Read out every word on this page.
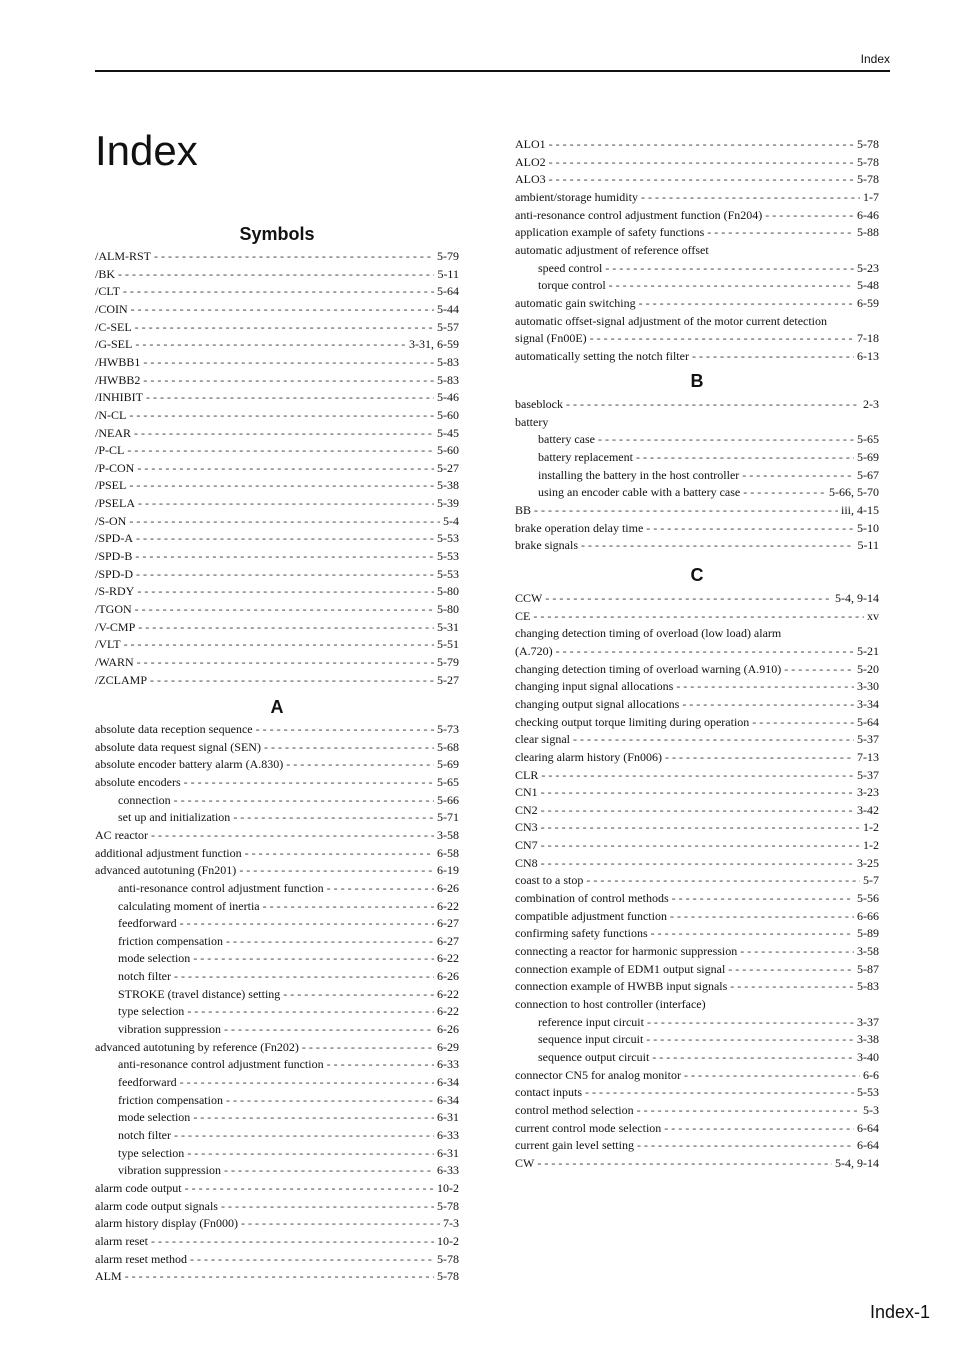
Index
Index
Symbols
/ALM-RST - - -	5-79
/BK - - -	5-11
/CLT - - -	5-64
/COIN - - -	5-44
/C-SEL - - -	5-57
/G-SEL - - -	3-31, 6-59
/HWBB1 - - -	5-83
/HWBB2 - - -	5-83
/INHIBIT - - -	5-46
/N-CL - - -	5-60
/NEAR - - -	5-45
/P-CL - - -	5-60
/P-CON - - -	5-27
/PSEL - - -	5-38
/PSELA - - -	5-39
/S-ON - - -	5-4
/SPD-A - - -	5-53
/SPD-B - - -	5-53
/SPD-D - - -	5-53
/S-RDY - - -	5-80
/TGON - - -	5-80
/V-CMP - - -	5-31
/VLT - - -	5-51
/WARN - - -	5-79
/ZCLAMP - - -	5-27
A
absolute data reception sequence - - -	5-73
absolute data request signal (SEN) - - -	5-68
absolute encoder battery alarm (A.830) - - -	5-69
absolute encoders - - -	5-65
connection - - -	5-66
set up and initialization - - -	5-71
AC reactor - - -	3-58
additional adjustment function - - -	6-58
advanced autotuning (Fn201) - - -	6-19
anti-resonance control adjustment function - - -	6-26
calculating moment of inertia - - -	6-22
feedforward - - -	6-27
friction compensation - - -	6-27
mode selection - - -	6-22
notch filter - - -	6-26
STROKE (travel distance) setting - - -	6-22
type selection - - -	6-22
vibration suppression - - -	6-26
advanced autotuning by reference (Fn202) - - -	6-29
anti-resonance control adjustment function - - -	6-33
feedforward - - -	6-34
friction compensation - - -	6-34
mode selection - - -	6-31
notch filter - - -	6-33
type selection - - -	6-31
vibration suppression - - -	6-33
alarm code output - - -	10-2
alarm code output signals - - -	5-78
alarm history display (Fn000) - - -	7-3
alarm reset - - -	10-2
alarm reset method - - -	5-78
ALM - - -	5-78
ALO1 - - -	5-78
ALO2 - - -	5-78
ALO3 - - -	5-78
ambient/storage humidity - - -	1-7
anti-resonance control adjustment function (Fn204) - - -	6-46
application example of safety functions - - -	5-88
automatic adjustment of reference offset
speed control - - -	5-23
torque control - - -	5-48
automatic gain switching - - -	6-59
automatic offset-signal adjustment of the motor current detection
signal (Fn00E) - - -	7-18
automatically setting the notch filter - - -	6-13
B
baseblock - - -	2-3
battery
battery case - - -	5-65
battery replacement - - -	5-69
installing the battery in the host controller - - -	5-67
using an encoder cable with a battery case - - -	5-66, 5-70
BB - - -	iii, 4-15
brake operation delay time - - -	5-10
brake signals - - -	5-11
C
CCW - - -	5-4, 9-14
CE - - -	xv
changing detection timing of overload (low load) alarm
(A.720) - - -	5-21
changing detection timing of overload warning (A.910) - - -	5-20
changing input signal allocations - - -	3-30
changing output signal allocations - - -	3-34
checking output torque limiting during operation - - -	5-64
clear signal - - -	5-37
clearing alarm history (Fn006) - - -	7-13
CLR - - -	5-37
CN1 - - -	3-23
CN2 - - -	3-42
CN3 - - -	1-2
CN7 - - -	1-2
CN8 - - -	3-25
coast to a stop - - -	5-7
combination of control methods - - -	5-56
compatible adjustment function - - -	6-66
confirming safety functions - - -	5-89
connecting a reactor for harmonic suppression - - -	3-58
connection example of EDM1 output signal - - -	5-87
connection example of HWBB input signals - - -	5-83
connection to host controller (interface)
reference input circuit - - -	3-37
sequence input circuit - - -	3-38
sequence output circuit - - -	3-40
connector CN5 for analog monitor - - -	6-6
contact inputs - - -	5-53
control method selection - - -	5-3
current control mode selection - - -	6-64
current gain level setting - - -	6-64
CW - - -	5-4, 9-14
Index-1
